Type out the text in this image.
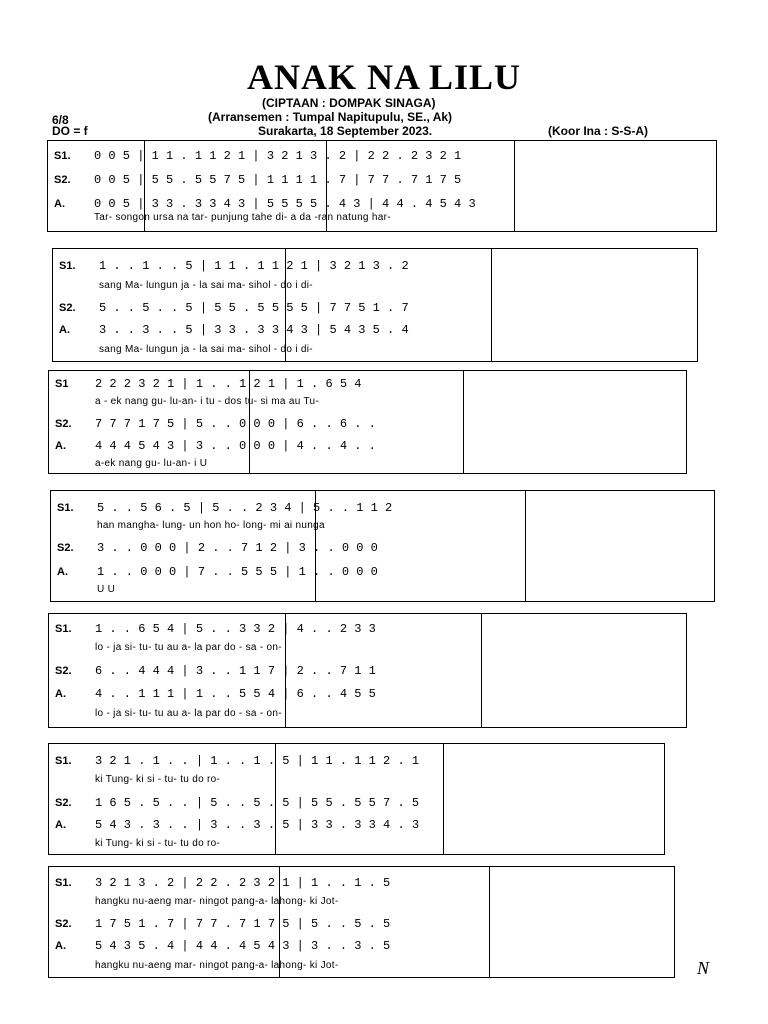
ANAK NA LILU
(CIPTAAN : DOMPAK SINAGA)
(Arransemen : Tumpal Napitupulu, SE., Ak)
6/8
DO = f	Surakarta, 18 September 2023.	(Koor Ina : S-S-A)
S1. 0 0 5 | 1 1 . 1 1 2 1 | 3 2 1 3 . 2 | 2 2 . 2 3 2 1
S2. 0 0 5 | 5 5 . 5 5 7 5 | 1 1 1 1 . 7 | 7 7 . 7 1 7 5
A. 0 0 5 | 3 3 . 3 3 4 3 | 5 5 5 5 . 4 3 | 4 4 . 4 5 4 3
Tar- songon ursa na tar- punjung tahe di- a da -ran natung har-
S1. 1 . . 1 . . 5 | 1 1 . 1 1 2 1 | 3 2 1 3 . 2
sang Ma- lungun ja - la sai ma- sihol - do i di-
S2. 5 . . 5 . . 5 | 5 5 . 5 5 5 5 | 7 7 5 1 . 7
A. 3 . . 3 . . 5 | 3 3 . 3 3 4 3 | 5 4 3 5 . 4
sang Ma- lungun ja - la sai ma- sihol - do i di-
S1 2 2 2 3 2 1 | 1 . . 1 2 1 | 1 . 6 5 4
a - ek nang gu- lu-an- i tu - dos tu- si ma au Tu-
S2. 7 7 7 1 7 5 | 5 . . 0 0 0 | 6 . . 6 . .
A. 4 4 4 5 4 3 | 3 . . 0 0 0 | 4 . . 4 . .
a-ek nang gu- lu-an- i U
S1. 5 . . 5 6 . 5 | 5 . . 2 3 4 | 5 . . 1 1 2
han mangha- lung- un hon ho- long- mi ai nunga
S2. 3 . . 0 0 0 | 2 . . 7 1 2 | 3 . . 0 0 0
A. 1 . . 0 0 0 | 7 . . 5 5 5 | 1 . . 0 0 0
U U
S1. 1 . . 6 5 4 | 5 . . 3 3 2 | 4 . . 2 3 3
lo - ja si- tu- tu au a- la par do - sa - on-
S2. 6 . . 4 4 4 | 3 . . 1 1 7 | 2 . . 7 1 1
A. 4 . . 1 1 1 | 1 . . 5 5 4 | 6 . . 4 5 5
lo - ja si- tu- tu au a- la par do - sa - on-
S1. 3 2 1 . 1 . . | 1 . . 1 . 5 | 1 1 . 1 1 2 . 1
ki Tung- ki si - tu- tu do ro-
S2. 1 6 5 . 5 . . | 5 . . 5 . 5 | 5 5 . 5 5 7 . 5
A. 5 4 3 . 3 . . | 3 . . 3 . 5 | 3 3 . 3 3 4 . 3
ki Tung- ki si - tu- tu do ro-
S1. 3 2 1 3 . 2 | 2 2 . 2 3 2 1 | 1 . . 1 . 5
hangku nu-aeng mar- ningot pang-a- lahong- ki Jot-
S2. 1 7 5 1 . 7 | 7 7 . 7 1 7 5 | 5 . . 5 . 5
A. 5 4 3 5 . 4 | 4 4 . 4 5 4 3 | 3 . . 3 . 5
hangku nu-aeng mar- ningot pang-a- lahong- ki Jot-	N
